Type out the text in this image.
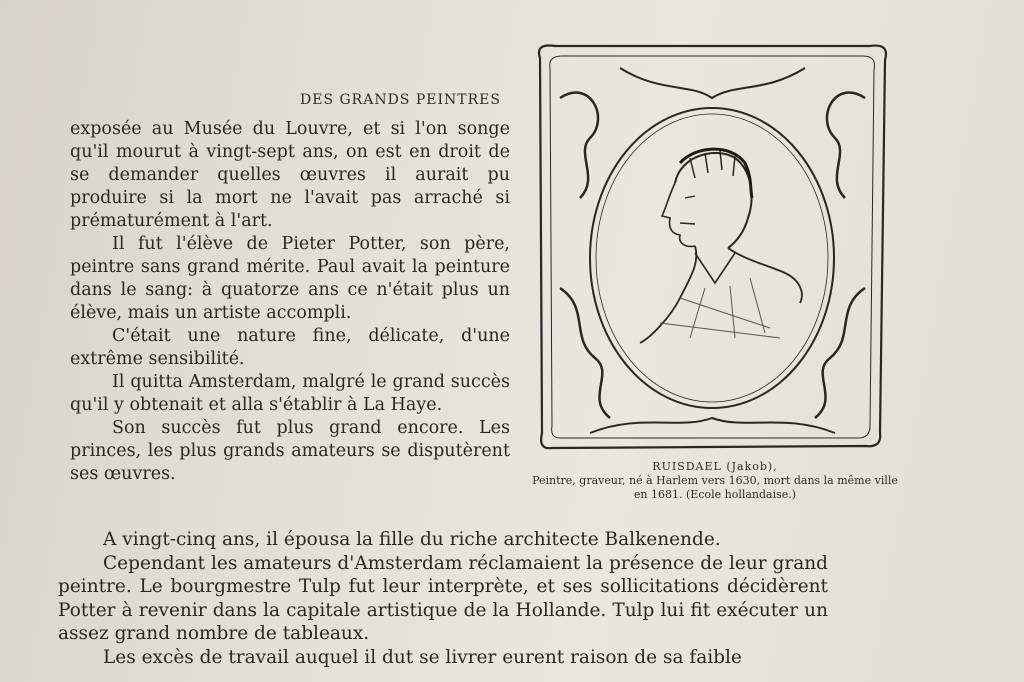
DES GRANDS PEINTRES

exposée au Musée du Louvre, et si l'on songe qu'il mourut à vingt-sept ans, on est en droit de se demander quelles œuvres il aurait pu produire si la mort ne l'avait pas arraché si prématurément à l'art.

Il fut l'élève de Pieter Potter, son père, peintre sans grand mérite. Paul avait la peinture dans le sang: à quatorze ans ce n'était plus un élève, mais un artiste accompli.

C'était une nature fine, délicate, d'une extrême sensibilité.

Il quitta Amsterdam, malgré le grand succès qu'il y obtenait et alla s'établir à La Haye.

Son succès fut plus grand encore. Les princes, les plus grands amateurs se disputèrent ses œuvres.	RUISDAEL (Jakob),
Peintre, graveur, né à Harlem vers 1630, mort dans la même ville
en 1681. (Ecole hollandaise.)

A vingt-cinq ans, il épousa la fille du riche architecte Balkenende.

Cependant les amateurs d'Amsterdam réclamaient la présence de leur grand peintre. Le bourgmestre Tulp fut leur interprète, et ses sollicitations décidèrent Potter à revenir dans la capitale artistique de la Hollande. Tulp lui fit exécuter un assez grand nombre de tableaux.

Les excès de travail auquel il dut se livrer eurent raison de sa faible
